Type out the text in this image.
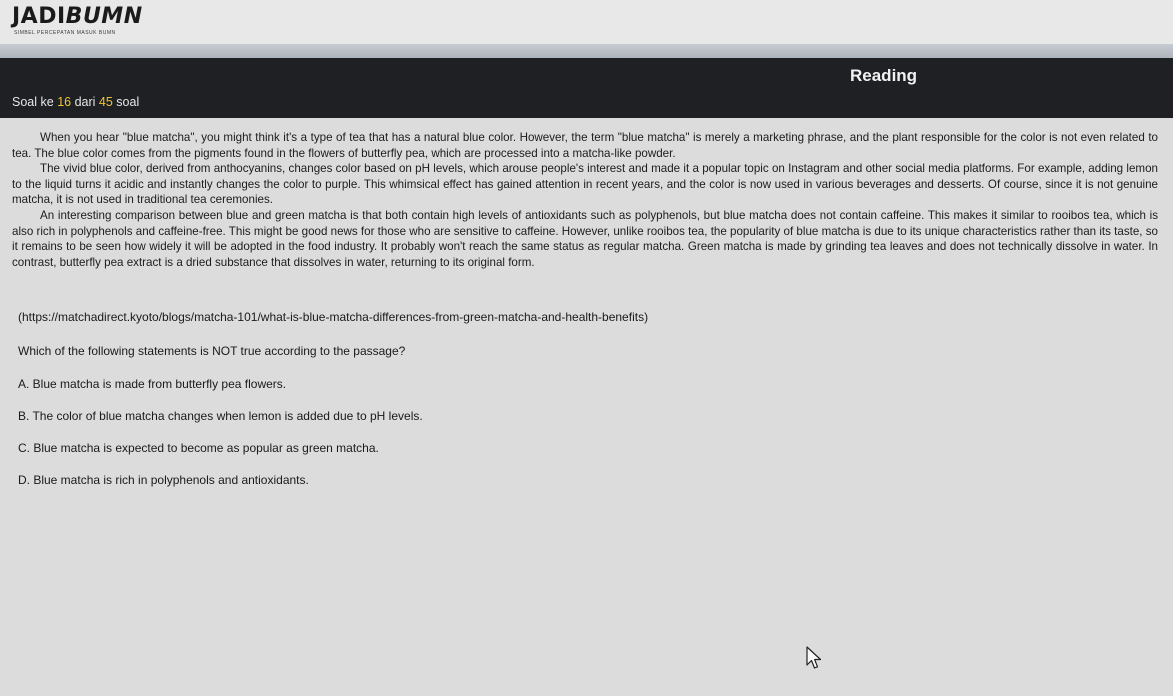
JADIBUMN
SIMBEL PERCEPATAN MASUK BUMN
Reading
Soal ke 16 dari 45 soal

When you hear "blue matcha", you might think it's a type of tea that has a natural blue color. However, the term "blue matcha" is merely a marketing phrase, and the plant responsible for the color is not even related to tea. The blue color comes from the pigments found in the flowers of butterfly pea, which are processed into a matcha-like powder.

The vivid blue color, derived from anthocyanins, changes color based on pH levels, which arouse people's interest and made it a popular topic on Instagram and other social media platforms. For example, adding lemon to the liquid turns it acidic and instantly changes the color to purple. This whimsical effect has gained attention in recent years, and the color is now used in various beverages and desserts. Of course, since it is not genuine matcha, it is not used in traditional tea ceremonies.

An interesting comparison between blue and green matcha is that both contain high levels of antioxidants such as polyphenols, but blue matcha does not contain caffeine. This makes it similar to rooibos tea, which is also rich in polyphenols and caffeine-free. This might be good news for those who are sensitive to caffeine. However, unlike rooibos tea, the popularity of blue matcha is due to its unique characteristics rather than its taste, so it remains to be seen how widely it will be adopted in the food industry. It probably won't reach the same status as regular matcha. Green matcha is made by grinding tea leaves and does not technically dissolve in water. In contrast, butterfly pea extract is a dried substance that dissolves in water, returning to its original form.

(https://matchadirect.kyoto/blogs/matcha-101/what-is-blue-matcha-differences-from-green-matcha-and-health-benefits)
Which of the following statements is NOT true according to the passage?
A. Blue matcha is made from butterfly pea flowers.
B. The color of blue matcha changes when lemon is added due to pH levels.
C. Blue matcha is expected to become as popular as green matcha.
D. Blue matcha is rich in polyphenols and antioxidants.
